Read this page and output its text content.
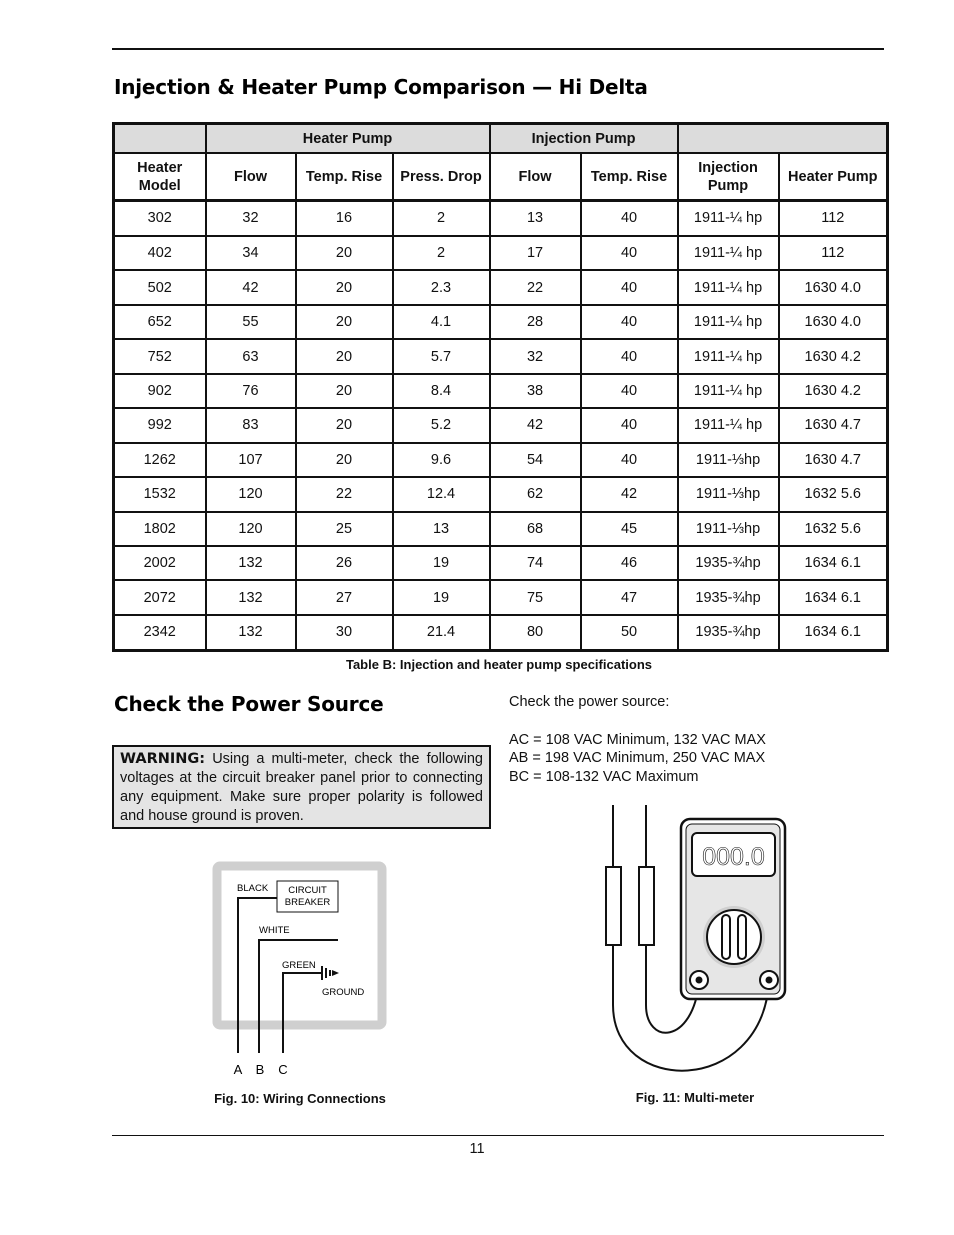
Injection & Heater Pump Comparison — Hi Delta
	Heater Pump			Injection Pump			
Heater Model	Flow	Temp. Rise	Press. Drop	Flow	Temp. Rise	Injection Pump	Heater Pump
302	32	16	2	13	40	1911-¼ hp	112
402	34	20	2	17	40	1911-¼ hp	112
502	42	20	2.3	22	40	1911-¼ hp	1630 4.0
652	55	20	4.1	28	40	1911-¼ hp	1630 4.0
752	63	20	5.7	32	40	1911-¼ hp	1630 4.2
902	76	20	8.4	38	40	1911-¼ hp	1630 4.2
992	83	20	5.2	42	40	1911-¼ hp	1630 4.7
1262	107	20	9.6	54	40	1911-⅓hp	1630 4.7
1532	120	22	12.4	62	42	1911-⅓hp	1632 5.6
1802	120	25	13	68	45	1911-⅓hp	1632 5.6
2002	132	26	19	74	46	1935-¾hp	1634 6.1
2072	132	27	19	75	47	1935-¾hp	1634 6.1
2342	132	30	21.4	80	50	1935-¾hp	1634 6.1
Table B: Injection and heater pump specifications
Check the Power Source
WARNING: Using a multi-meter, check the following voltages at the circuit breaker panel prior to connecting any equipment. Make sure proper polarity is followed and house ground is proven.
Check the power source:
AC = 108 VAC Minimum, 132 VAC MAX
AB = 198 VAC Minimum, 250 VAC MAX
BC = 108-132 VAC Maximum
BLACK CIRCUIT
BREAKER
WHITE
GREEN
GROUND
A B C
Fig. 10: Wiring Connections
000.0
Fig. 11: Multi-meter
11
